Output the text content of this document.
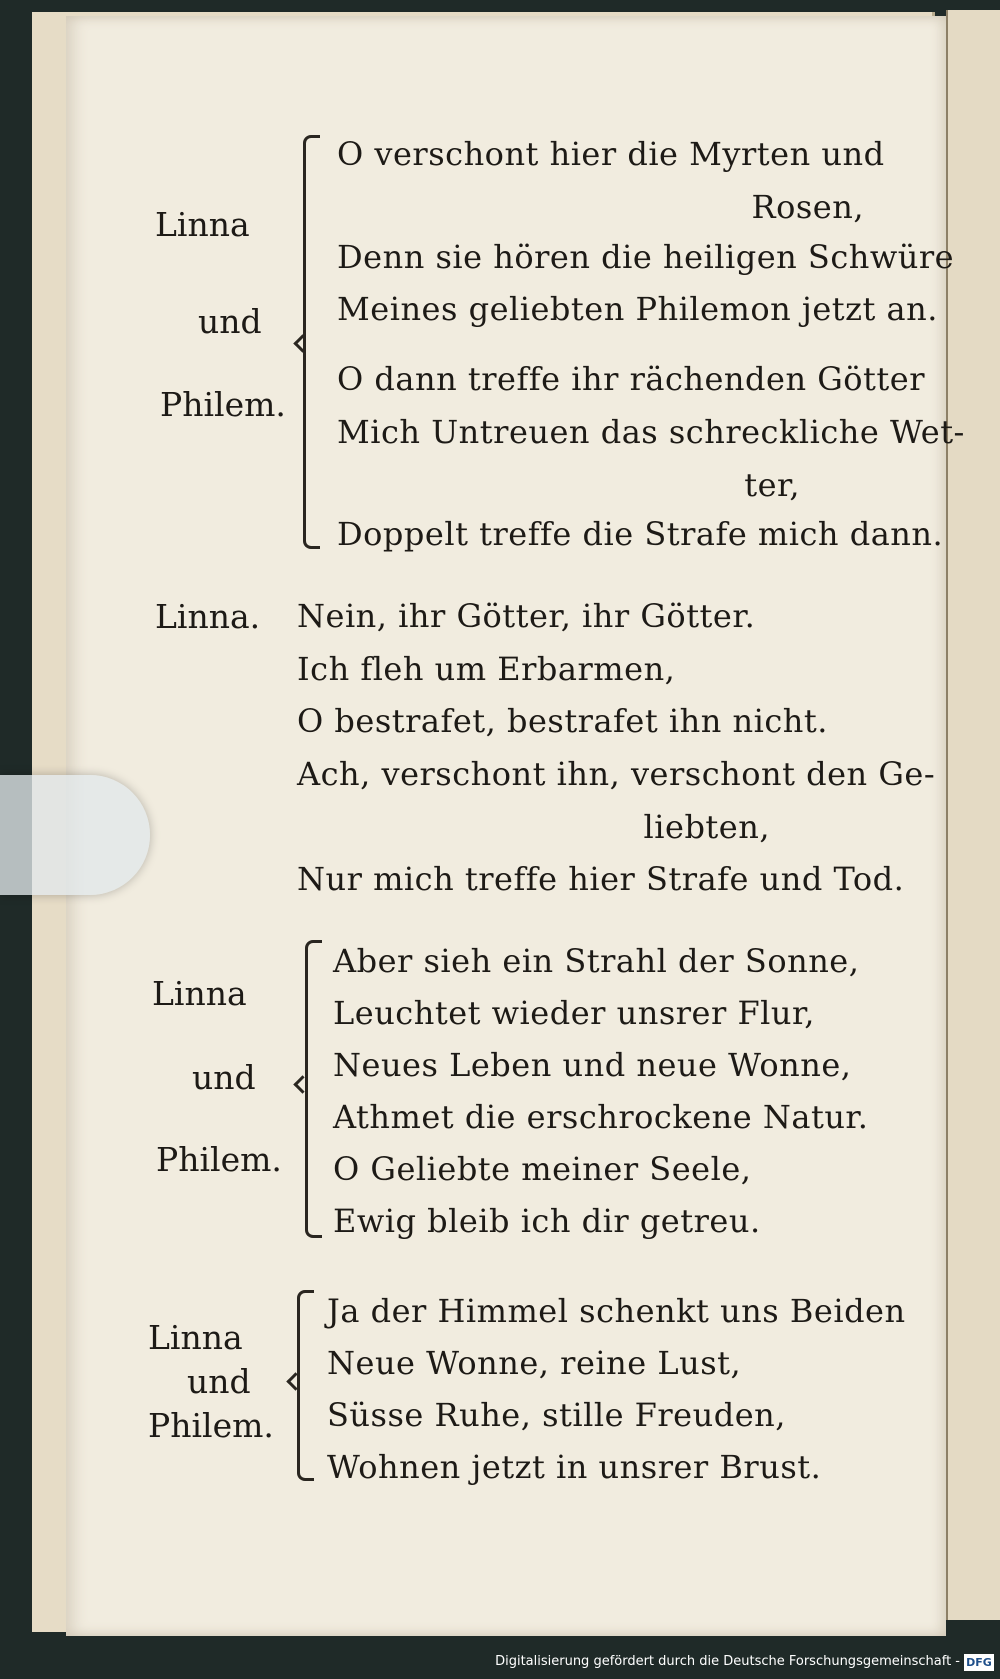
Linna
und
Philem.
O verschont hier die Myrten und
Rosen,
Denn sie hören die heiligen Schwüre
Meines geliebten Philemon jetzt an.
O dann treffe ihr rächenden Götter
Mich Untreuen das schreckliche Wet-
ter,
Doppelt treffe die Strafe mich dann.
Linna. Nein, ihr Götter, ihr Götter.
Ich fleh um Erbarmen,
O bestrafet, bestrafet ihn nicht.
Ach, verschont ihn, verschont den Ge-
liebten,
Nur mich treffe hier Strafe und Tod.
Linna
und
Philem.
Aber sieh ein Strahl der Sonne,
Leuchtet wieder unsrer Flur,
Neues Leben und neue Wonne,
Athmet die erschrockene Natur.
O Geliebte meiner Seele,
Ewig bleib ich dir getreu.
Linna
und
Philem.
Ja der Himmel schenkt uns Beiden
Neue Wonne, reine Lust,
Süsse Ruhe, stille Freuden,
Wohnen jetzt in unsrer Brust.
Digitalisierung gefördert durch die Deutsche Forschungsgemeinschaft - DFG
